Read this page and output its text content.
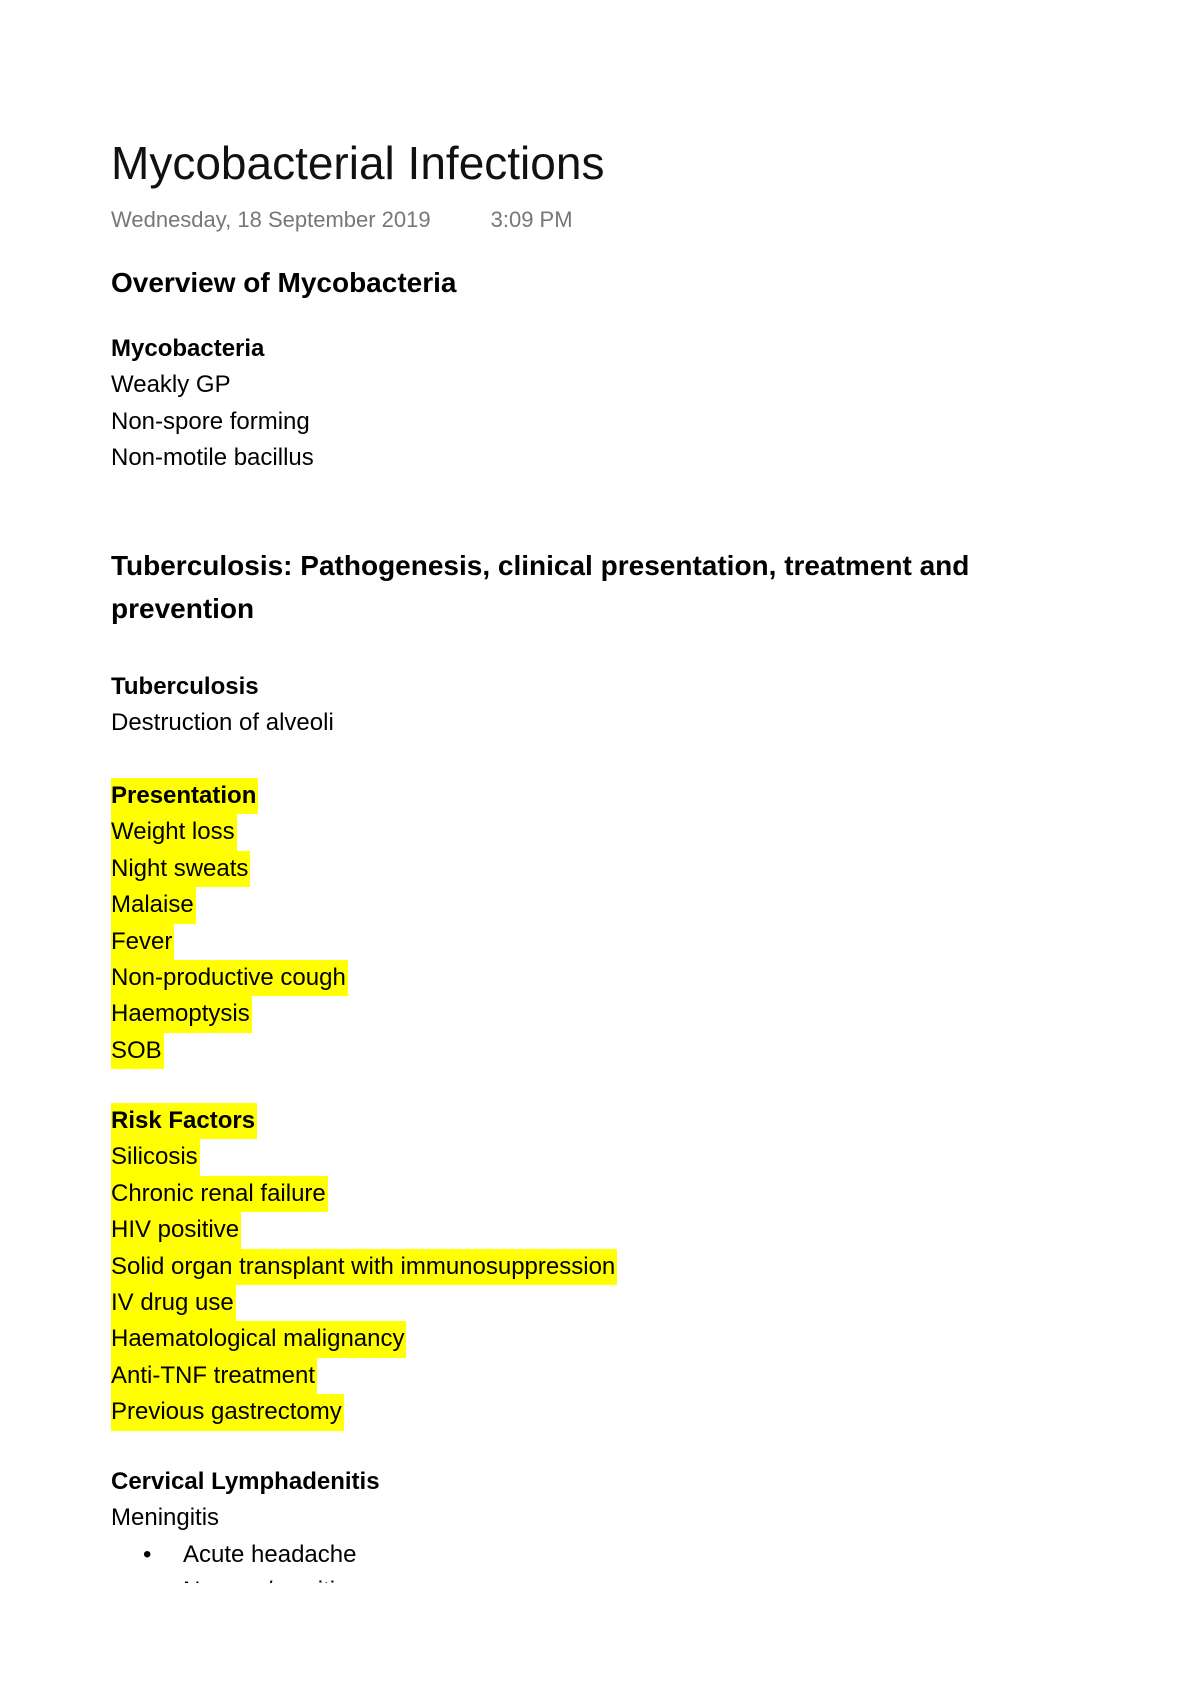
Mycobacterial Infections
Wednesday, 18 September 2019	3:09 PM
Overview of Mycobacteria
Mycobacteria
Weakly GP
Non-spore forming
Non-motile bacillus
Tuberculosis: Pathogenesis, clinical presentation, treatment and prevention
Tuberculosis
Destruction of alveoli
Presentation
Weight loss
Night sweats
Malaise
Fever
Non-productive cough
Haemoptysis
SOB
Risk Factors
Silicosis
Chronic renal failure
HIV positive
Solid organ transplant with immunosuppression
IV drug use
Haematological malignancy
Anti-TNF treatment
Previous gastrectomy
Cervical Lymphadenitis
Meningitis
• Acute headache
